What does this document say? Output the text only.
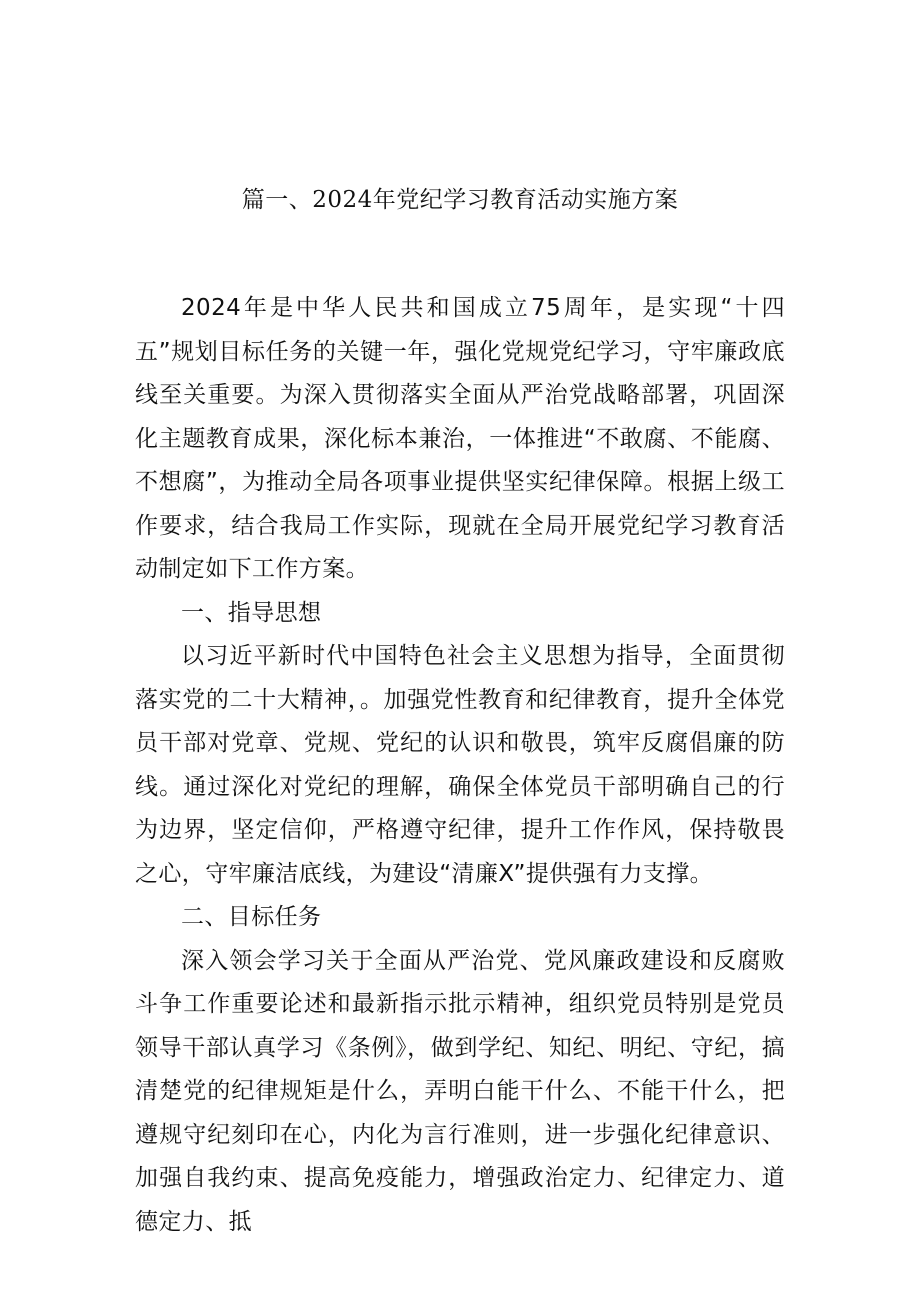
篇一、2024年党纪学习教育活动实施方案

2024年是中华人民共和国成立75周年，是实现“十四五”规划目标任务的关键一年，强化党规党纪学习，守牢廉政底线至关重要。为深入贯彻落实全面从严治党战略部署，巩固深化主题教育成果，深化标本兼治，一体推进“不敢腐、不能腐、不想腐”，为推动全局各项事业提供坚实纪律保障。根据上级工作要求，结合我局工作实际，现就在全局开展党纪学习教育活动制定如下工作方案。

一、指导思想

以习近平新时代中国特色社会主义思想为指导，全面贯彻落实党的二十大精神，。加强党性教育和纪律教育，提升全体党员干部对党章、党规、党纪的认识和敬畏，筑牢反腐倡廉的防线。通过深化对党纪的理解，确保全体党员干部明确自己的行为边界，坚定信仰，严格遵守纪律，提升工作作风，保持敬畏之心，守牢廉洁底线，为建设“清廉X”提供强有力支撑。

二、目标任务

深入领会学习关于全面从严治党、党风廉政建设和反腐败斗争工作重要论述和最新指示批示精神，组织党员特别是党员领导干部认真学习《条例》，做到学纪、知纪、明纪、守纪，搞清楚党的纪律规矩是什么，弄明白能干什么、不能干什么，把遵规守纪刻印在心，内化为言行准则，进一步强化纪律意识、加强自我约束、提高免疫能力，增强政治定力、纪律定力、道德定力、抵
